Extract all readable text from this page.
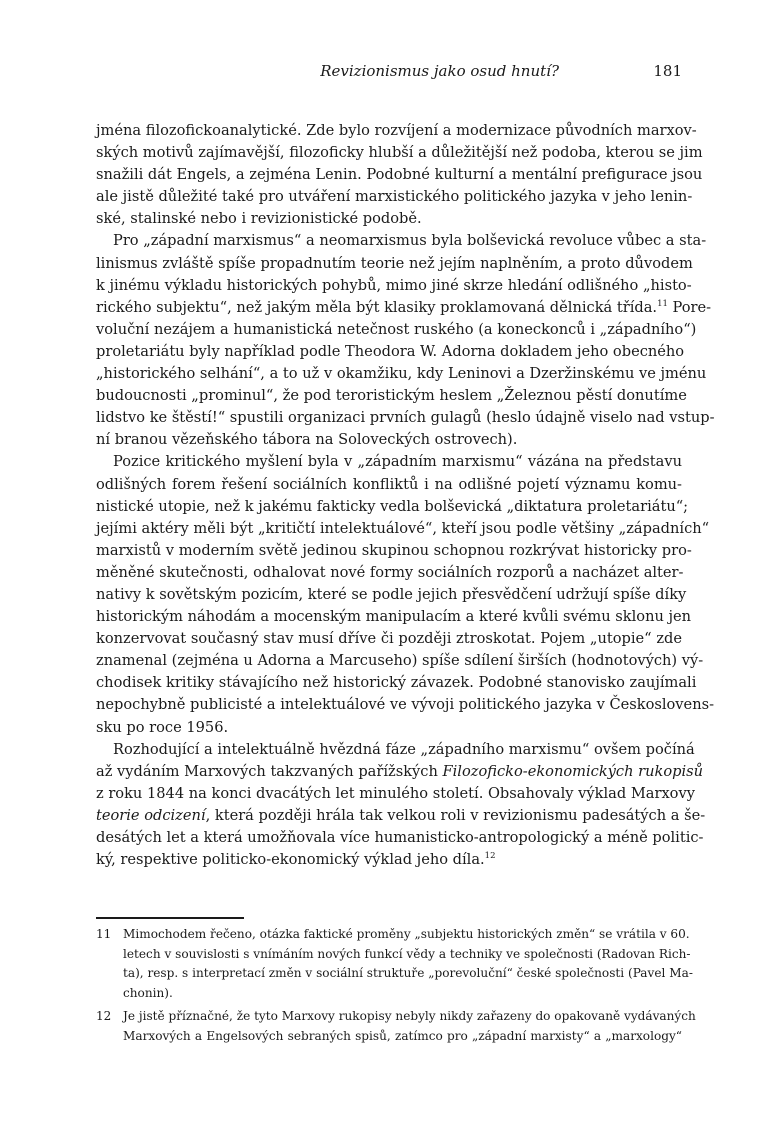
Revizionismus jako osud hnutí?	181
jména filozofickoanalytické. Zde bylo rozvíjení a modernizace původních marxov-
ských motivů zajímavější, filozoficky hlubší a důležitější než podoba, kterou se jim
snažili dát Engels, a zejména Lenin. Podobné kulturní a mentální prefigurace jsou
ale jistě důležité také pro utváření marxistického politického jazyka v jeho lenin-
ské, stalinské nebo i revizionistické podobě.
Pro „západní marxismus“ a neomarxismus byla bolševická revoluce vůbec a sta-
linismus zvláště spíše propadnutím teorie než jejím naplněním, a proto důvodem
k jinému výkladu historických pohybů, mimo jiné skrze hledání odlišného „histo-
rického subjektu“, než jakým měla být klasiky proklamovaná dělnická třída.$^{11}$ Pore-
voluční nezájem a humanistická netečnost ruského (a koneckonců i „západního“)
proletariátu byly například podle Theodora W. Adorna dokladem jeho obecného
„historického selhání“, a to už v okamžiku, kdy Leninovi a Dzeržinskému ve jménu
budoucnosti „prominul“, že pod teroristickým heslem „Železnou pěstí donutíme
lidstvo ke štěstí!“ spustili organizaci prvních gulagů (heslo údajně viselo nad vstup-
ní branou vězeňského tábora na Soloveckých ostrovech).
Pozice kritického myšlení byla v „západním marxismu“ vázána na představu
odlišných forem řešení sociálních konfliktů i na odlišné pojetí významu komu-
nistické utopie, než k jakému fakticky vedla bolševická „diktatura proletariátu“;
jejími aktéry měli být „kritičtí intelektuálové“, kteří jsou podle většiny „západních“
marxistů v moderním světě jedinou skupinou schopnou rozkrývat historicky pro-
měněné skutečnosti, odhalovat nové formy sociálních rozporů a nacházet alter-
nativy k sovětským pozicím, které se podle jejich přesvědčení udržují spíše díky
historickým náhodám a mocenským manipulacím a které kvůli svému sklonu jen
konzervovat současný stav musí dříve či později ztroskotat. Pojem „utopie“ zde
znamenal (zejména u Adorna a Marcuseho) spíše sdílení širších (hodnotových) vý-
chodisek kritiky stávajícího než historický závazek. Podobné stanovisko zaujímali
nepochybně publicisté a intelektuálové ve vývoji politického jazyka v Českoslovens-
sku po roce 1956.
Rozhodující a intelektuálně hvězdná fáze „západního marxismu“ ovšem počíná
až vydáním Marxových takzvaných pařížských Filozoficko-ekonomických rukopisů
z roku 1844 na konci dvacátých let minulého století. Obsahovaly výklad Marxovy
teorie odcizení, která později hrála tak velkou roli v revizionismu padesátých a še-
desátých let a která umožňovala více humanisticko-antropologický a méně politic-
ký, respektive politicko-ekonomický výklad jeho díla.$^{12}$
11 Mimochodem řečeno, otázka faktické proměny „subjektu historických změn“ se vrátila v 60.
letech v souvislosti s vnímáním nových funkcí vědy a techniky ve společnosti (Radovan Rich-
ta), resp. s interpretací změn v sociální struktuře „porevoluční“ české společnosti (Pavel Ma-
chonin).
12 Je jistě příznačné, že tyto Marxovy rukopisy nebyly nikdy zařazeny do opakovaně vydávaných
Marxových a Engelsových sebraných spisů, zatímco pro „západní marxisty“ a „marxology“
